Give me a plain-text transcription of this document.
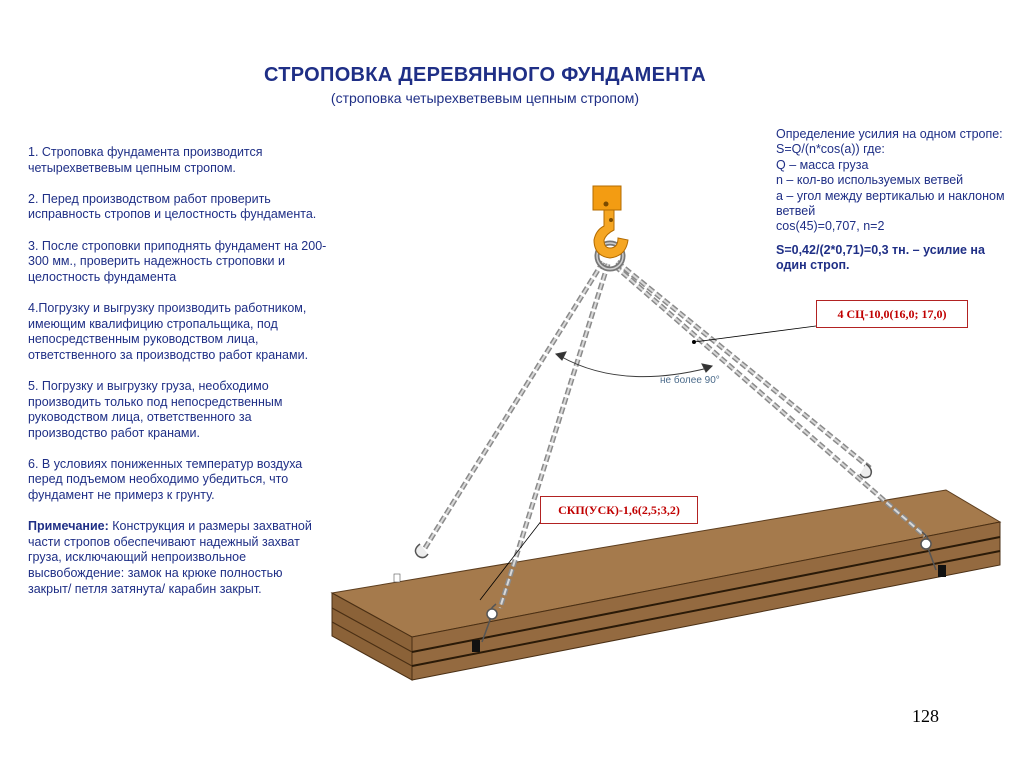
СТРОПОВКА ДЕРЕВЯННОГО ФУНДАМЕНТА
(строповка четырехветвевым цепным стропом)

1. Строповка фундамента производится четырехветвевым цепным стропом.

2. Перед производством работ проверить исправность стропов и целостность фундамента.

3. После строповки приподнять фундамент на 200-300 мм., проверить надежность строповки и целостность фундамента

4.Погрузку и выгрузку производить работником, имеющим квалифицию стропальщика, под непосредственным руководством лица, ответственного за производство работ кранами.

5. Погрузку и выгрузку груза, необходимо производить только под непосредственным руководством лица, ответственного за производство работ кранами.

6. В условиях пониженных температур воздуха перед подъемом необходимо убедиться, что фундамент не примерз к грунту.

Примечание: Конструкция и размеры захватной части стропов обеспечивают надежный захват груза, исключающий непроизвольное высвобождение: замок на крюке полностью закрыт/ петля затянута/ карабин закрыт.

Определение усилия на одном стропе:
S=Q/(n*cos(a)) где:
Q – масса груза
n – кол-во используемых ветвей
a – угол между вертикалью и наклоном ветвей
cos(45)=0,707, n=2
S=0,42/(2*0,71)=0,3 тн. – усилие на один строп.
не более 90°
4 СЦ-10,0(16,0; 17,0)
СКП(УСК)-1,6(2,5;3,2)
128
